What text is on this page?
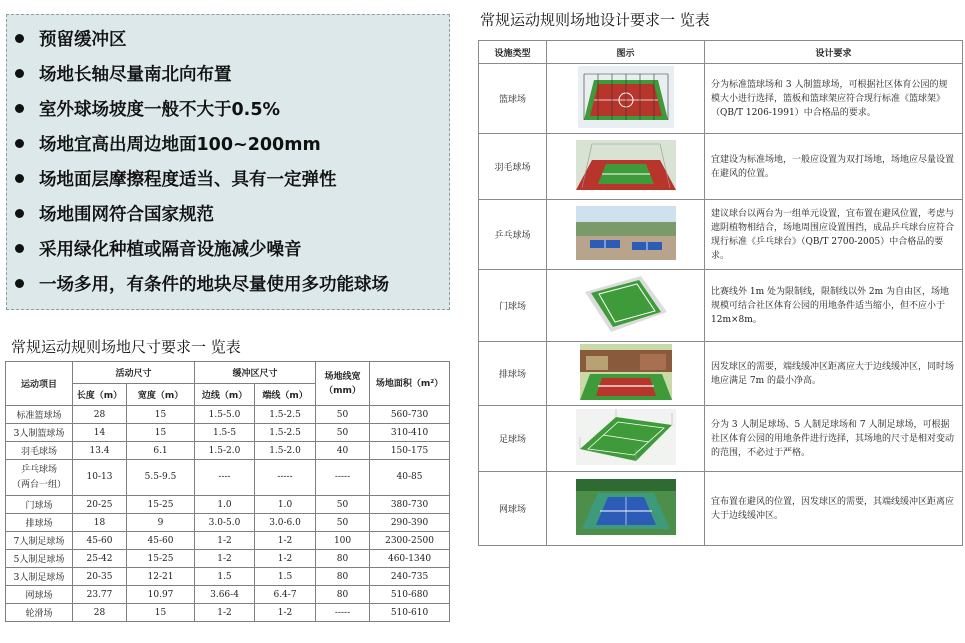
预留缓冲区
场地长轴尽量南北向布置
室外球场坡度一般不大于0.5%
场地宜高出周边地面100~200mm
场地面层摩擦程度适当、具有一定弹性
场地围网符合国家规范
采用绿化种植或隔音设施减少噪音
一场多用，有条件的地块尽量使用多功能球场
常规运动规则场地尺寸要求一 览表
运动项目	活动尺寸		缓冲区尺寸		场地线宽（mm）	场地面积（m²）
	长度（m）	宽度（m）	边线（m）	端线（m）		
标准篮球场	28	15	1.5-5.0	1.5-2.5	50	560-730
3人制篮球场	14	15	1.5-5	1.5-2.5	50	310-410
羽毛球场	13.4	6.1	1.5-2.0	1.5-2.0	40	150-175
乒乓球场
（两台一组）	10-13	5.5-9.5	----	-----	-----	40-85
门球场	20-25	15-25	1.0	1.0	50	380-730
排球场	18	9	3.0-5.0	3.0-6.0	50	290-390
7人制足球场	45-60	45-60	1-2	1-2	100	2300-2500
5人制足球场	25-42	15-25	1-2	1-2	80	460-1340
3人制足球场	20-35	12-21	1.5	1.5	80	240-735
网球场	23.77	10.97	3.66-4	6.4-7	80	510-680
轮滑场	28	15	1-2	1-2	-----	510-610
常规运动规则场地设计要求一 览表
设施类型	图示	设计要求
篮球场		分为标准篮球场和 3 人制篮球场，可根据社区体育公园的规模大小进行选择，篮板和篮球架应符合现行标准《篮球架》（QB/T 1206-1991）中合格品的要求。
羽毛球场		宜建设为标准场地，一般应设置为双打场地，场地应尽量设置在避风的位置。
乒乓球场		建议球台以两台为一组单元设置，宜布置在避风位置，考虑与遮阴植物相结合，场地周围应设置围挡，成品乒乓球台应符合现行标准《乒乓球台》（QB/T 2700-2005）中合格品的要求。
门球场		比赛线外 1m 处为限制线，限制线以外 2m 为自由区，场地规模可结合社区体育公园的用地条件适当缩小，但不应小于 12m×8m。
排球场		因发球区的需要，端线缓冲区距离应大于边线缓冲区，同时场地应满足 7m 的最小净高。
足球场		分为 3 人制足球场、5 人制足球场和 7 人制足球场，可根据社区体育公园的用地条件进行选择，其场地的尺寸是相对变动的范围，不必过于严格。
网球场		宜布置在避风的位置，因发球区的需要，其端线缓冲区距离应大于边线缓冲区。
